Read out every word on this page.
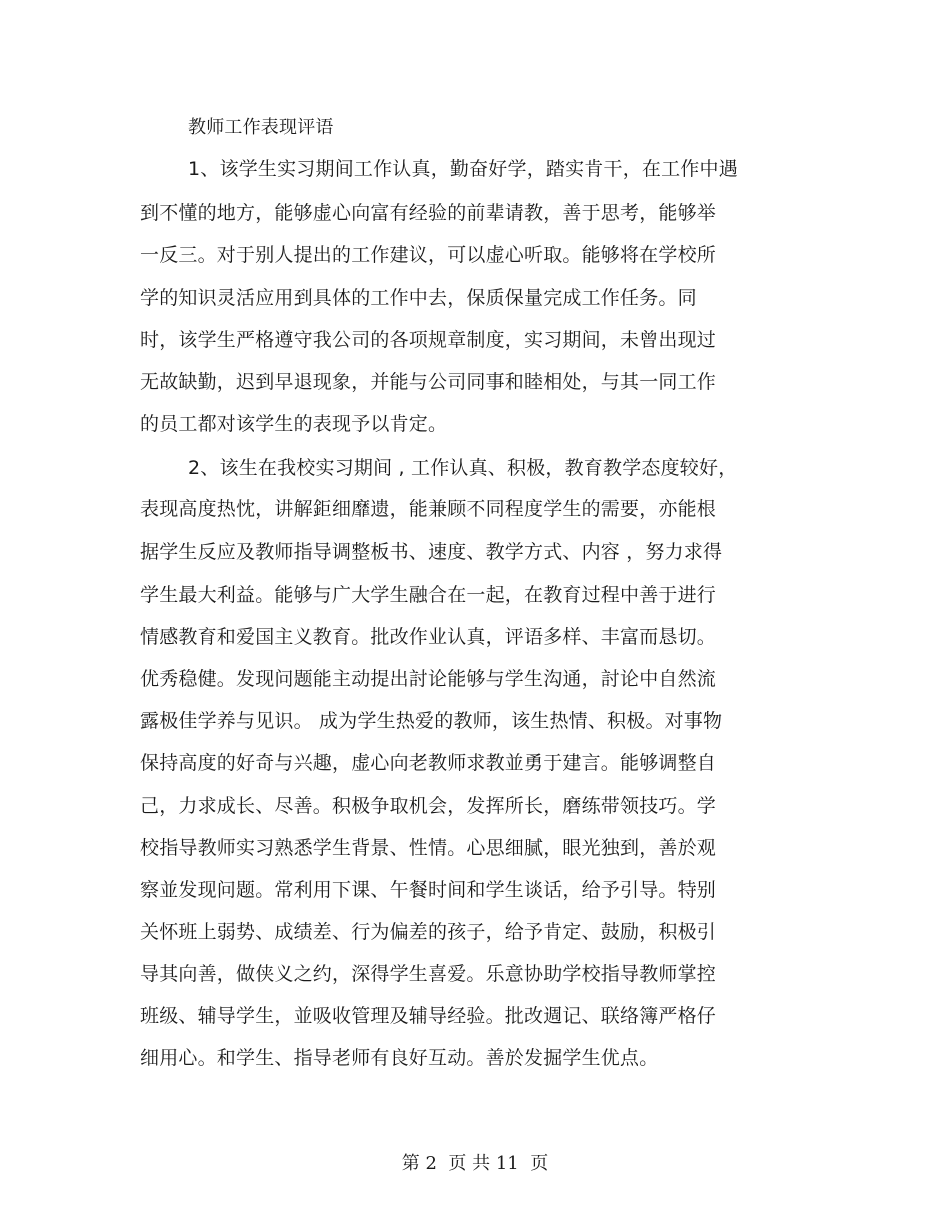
教师工作表现评语
1、该学生实习期间工作认真，勤奋好学，踏实肯干，在工作中遇
到不懂的地方，能够虚心向富有经验的前辈请教，善于思考，能够举
一反三。对于别人提出的工作建议，可以虚心听取。能够将在学校所
学的知识灵活应用到具体的工作中去，保质保量完成工作任务。同
时，该学生严格遵守我公司的各项规章制度，实习期间，未曾出现过
无故缺勤，迟到早退现象，并能与公司同事和睦相处，与其一同工作
的员工都对该学生的表现予以肯定。
2、该生在我校实习期间 , 工作认真、积极，教育教学态度较好，
表现高度热忱，讲解鉅细靡遗，能兼顾不同程度学生的需要，亦能根
据学生反应及教师指导调整板书、速度、教学方式、内容 ，努力求得
学生最大利益。能够与广大学生融合在一起，在教育过程中善于进行
情感教育和爱国主义教育。批改作业认真，评语多样、丰富而恳切。
优秀稳健。发现问题能主动提出討论能够与学生沟通，討论中自然流
露极佳学养与见识。 成为学生热爱的教师，该生热情、积极。对事物
保持高度的好奇与兴趣，虚心向老教师求教並勇于建言。能够调整自
己，力求成长、尽善。积极争取机会，发挥所长，磨练带领技巧。学
校指导教师实习熟悉学生背景、性情。心思细腻，眼光独到，善於观
察並发现问题。常利用下课、午餐时间和学生谈话，给予引导。特别
关怀班上弱势、成绩差、行为偏差的孩子，给予肯定、鼓励，积极引
导其向善，做侠义之约，深得学生喜爱。乐意协助学校指导教师掌控
班级、辅导学生，並吸收管理及辅导经验。批改週记、联络簿严格仔
细用心。和学生、指导老师有良好互动。善於发掘学生优点。
第 2  页 共 11  页
